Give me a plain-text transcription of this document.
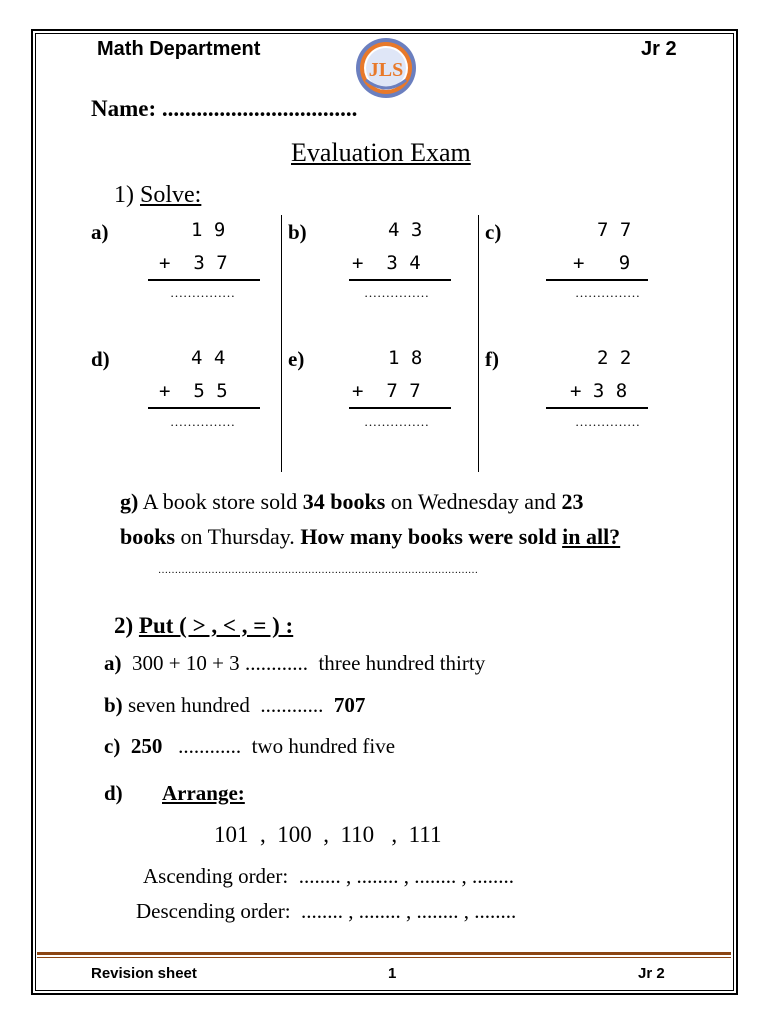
Math Department	Jr 2
JLS
Name: ..................................
Evaluation Exam
1) Solve:
a)	1 9
+  3 7
……………
b)	4 3
+  3 4
……………
c)	7 7
+   9
……………
d)	4 4
+  5 5
……………
e)	1 8
+  7 7
……………
f)	2 2
+ 3 8
……………
g) A book store sold 34 books on Wednesday and 23
books on Thursday. How many books were sold in all?
……………………………………………………………………………………
2) Put ( > , < , = ) :
a) 300 + 10 + 3 ............  three hundred thirty
b) seven hundred  ............  707
c) 250   ............  two hundred five
d) Arrange:
101  ,  100  ,  110   ,  111
Ascending order:  ........ , ........ , ........ , ........
Descending order:  ........ , ........ , ........ , ........
Revision sheet	1	Jr 2
